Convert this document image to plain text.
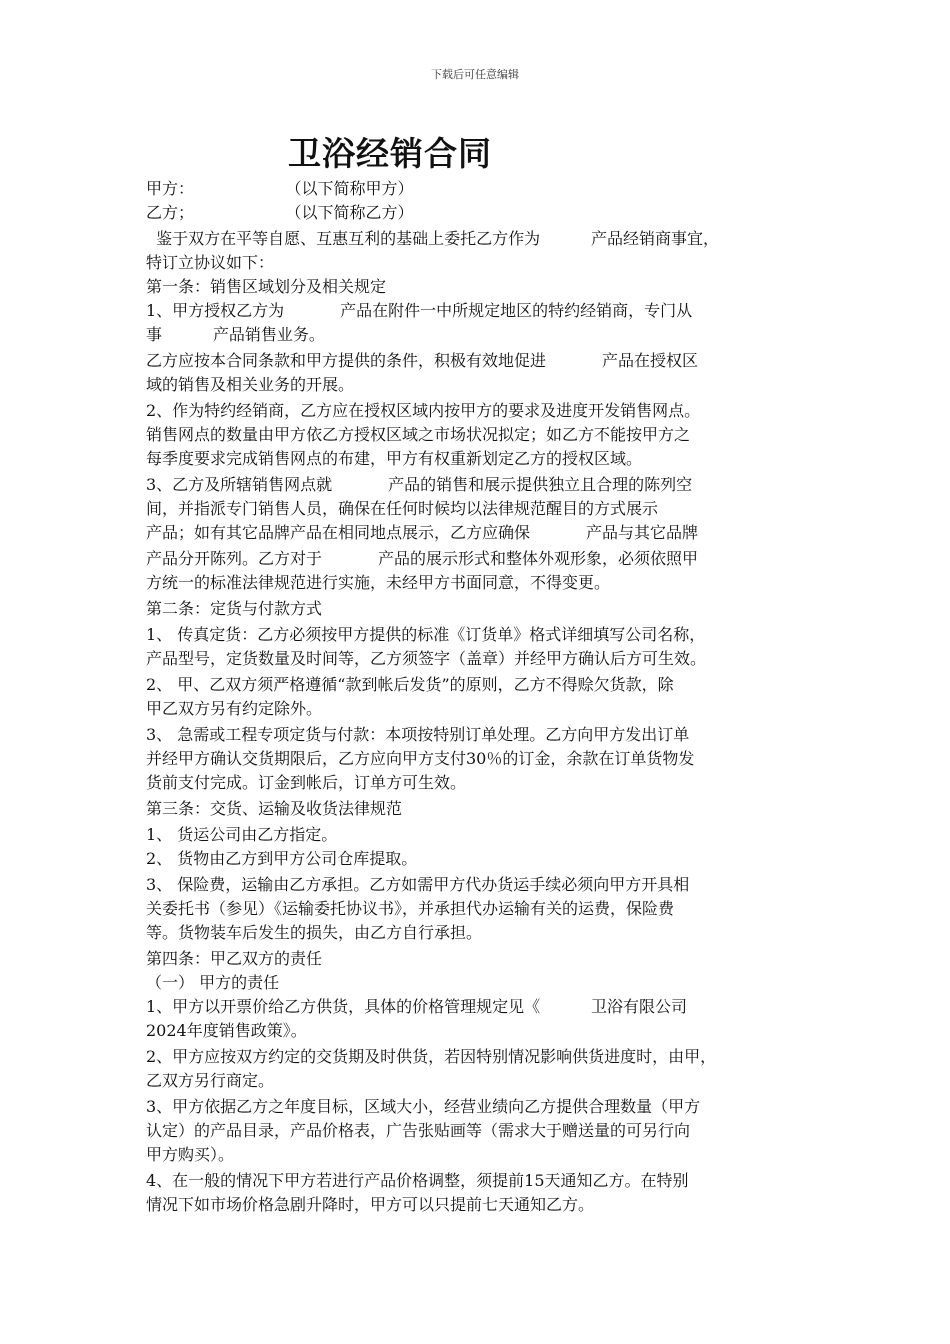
下载后可任意编辑
卫浴经销合同
甲方：                  （以下简称甲方）
乙方；                  （以下简称乙方）
鉴于双方在平等自愿、互惠互利的基础上委托乙方作为          产品经销商事宜，
特订立协议如下：
第一条：销售区域划分及相关规定
1、甲方授权乙方为           产品在附件一中所规定地区的特约经销商，专门从
事          产品销售业务。
乙方应按本合同条款和甲方提供的条件，积极有效地促进           产品在授权区
域的销售及相关业务的开展。
2、作为特约经销商，乙方应在授权区域内按甲方的要求及进度开发销售网点。
销售网点的数量由甲方依乙方授权区域之市场状况拟定；如乙方不能按甲方之
每季度要求完成销售网点的布建，甲方有权重新划定乙方的授权区域。
3、乙方及所辖销售网点就           产品的销售和展示提供独立且合理的陈列空
间，并指派专门销售人员，确保在任何时候均以法律规范醒目的方式展示
产品；如有其它品牌产品在相同地点展示，乙方应确保           产品与其它品牌
产品分开陈列。乙方对于           产品的展示形式和整体外观形象，必须依照甲
方统一的标准法律规范进行实施，未经甲方书面同意，不得变更。
第二条：定货与付款方式
1、 传真定货：乙方必须按甲方提供的标准《订货单》格式详细填写公司名称，
产品型号，定货数量及时间等，乙方须签字（盖章）并经甲方确认后方可生效。
2、 甲、乙双方须严格遵循“款到帐后发货”的原则，乙方不得赊欠货款，除
甲乙双方另有约定除外。
3、 急需或工程专项定货与付款：本项按特别订单处理。乙方向甲方发出订单
并经甲方确认交货期限后，乙方应向甲方支付30％的订金，余款在订单货物发
货前支付完成。订金到帐后，订单方可生效。
第三条：交货、运输及收货法律规范
1、 货运公司由乙方指定。
2、 货物由乙方到甲方公司仓库提取。
3、 保险费，运输由乙方承担。乙方如需甲方代办货运手续必须向甲方开具相
关委托书（参见）《运输委托协议书》，并承担代办运输有关的运费，保险费
等。货物装车后发生的损失，由乙方自行承担。
第四条：甲乙双方的责任
（一） 甲方的责任
1、甲方以开票价给乙方供货，具体的价格管理规定见《          卫浴有限公司
2024年度销售政策》。
2、甲方应按双方约定的交货期及时供货，若因特别情况影响供货进度时，由甲，
乙双方另行商定。
3、甲方依据乙方之年度目标，区域大小，经营业绩向乙方提供合理数量（甲方
认定）的产品目录，产品价格表，广告张贴画等（需求大于赠送量的可另行向
甲方购买）。
4、在一般的情况下甲方若进行产品价格调整，须提前15天通知乙方。在特别
情况下如市场价格急剧升降时，甲方可以只提前七天通知乙方。
